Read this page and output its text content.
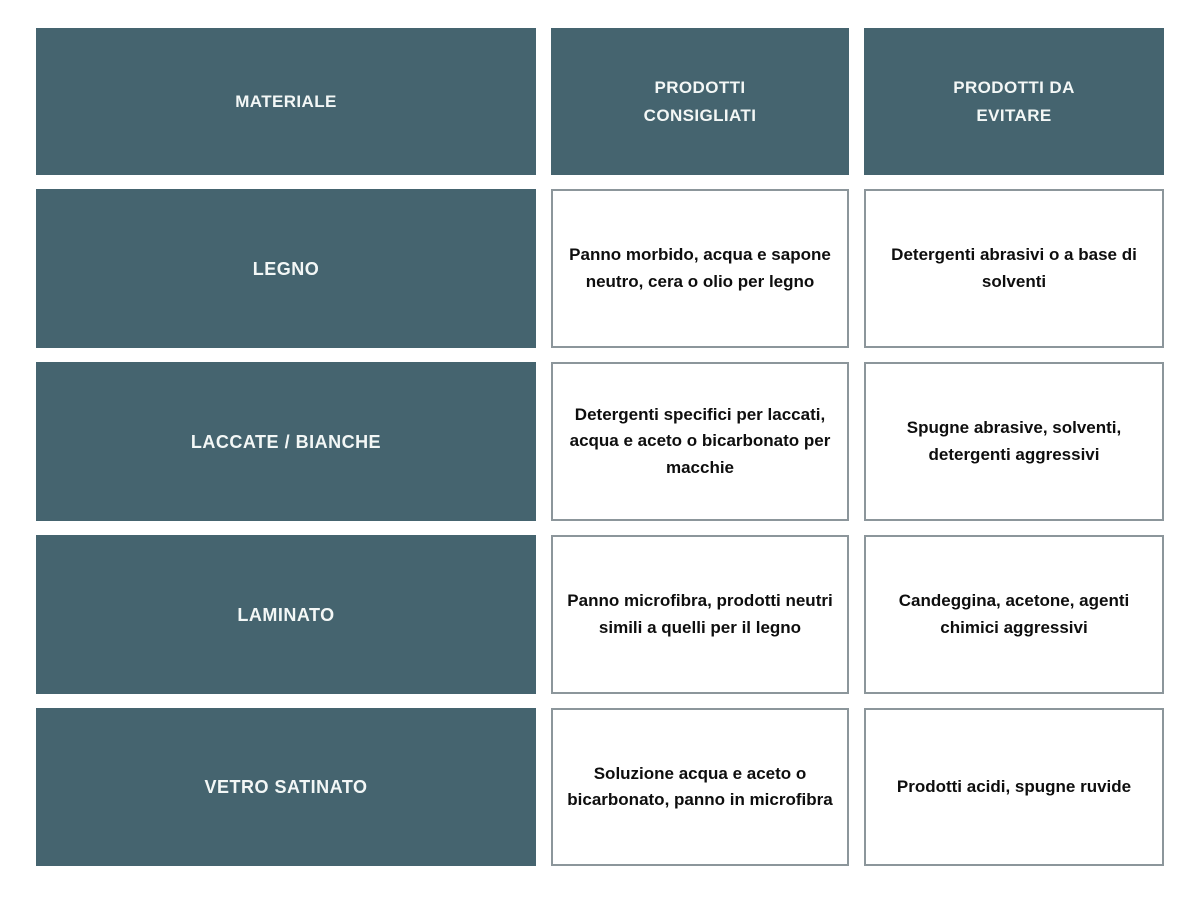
MATERIALE
PRODOTTI CONSIGLIATI
PRODOTTI DA EVITARE
LEGNO
Panno morbido, acqua e sapone neutro, cera o olio per legno
Detergenti abrasivi o a base di solventi
LACCATE / BIANCHE
Detergenti specifici per laccati, acqua e aceto o bicarbonato per macchie
Spugne abrasive, solventi, detergenti aggressivi
LAMINATO
Panno microfibra, prodotti neutri simili a quelli per il legno
Candeggina, acetone, agenti chimici aggressivi
VETRO SATINATO
Soluzione acqua e aceto o bicarbonato, panno in microfibra
Prodotti acidi, spugne ruvide
